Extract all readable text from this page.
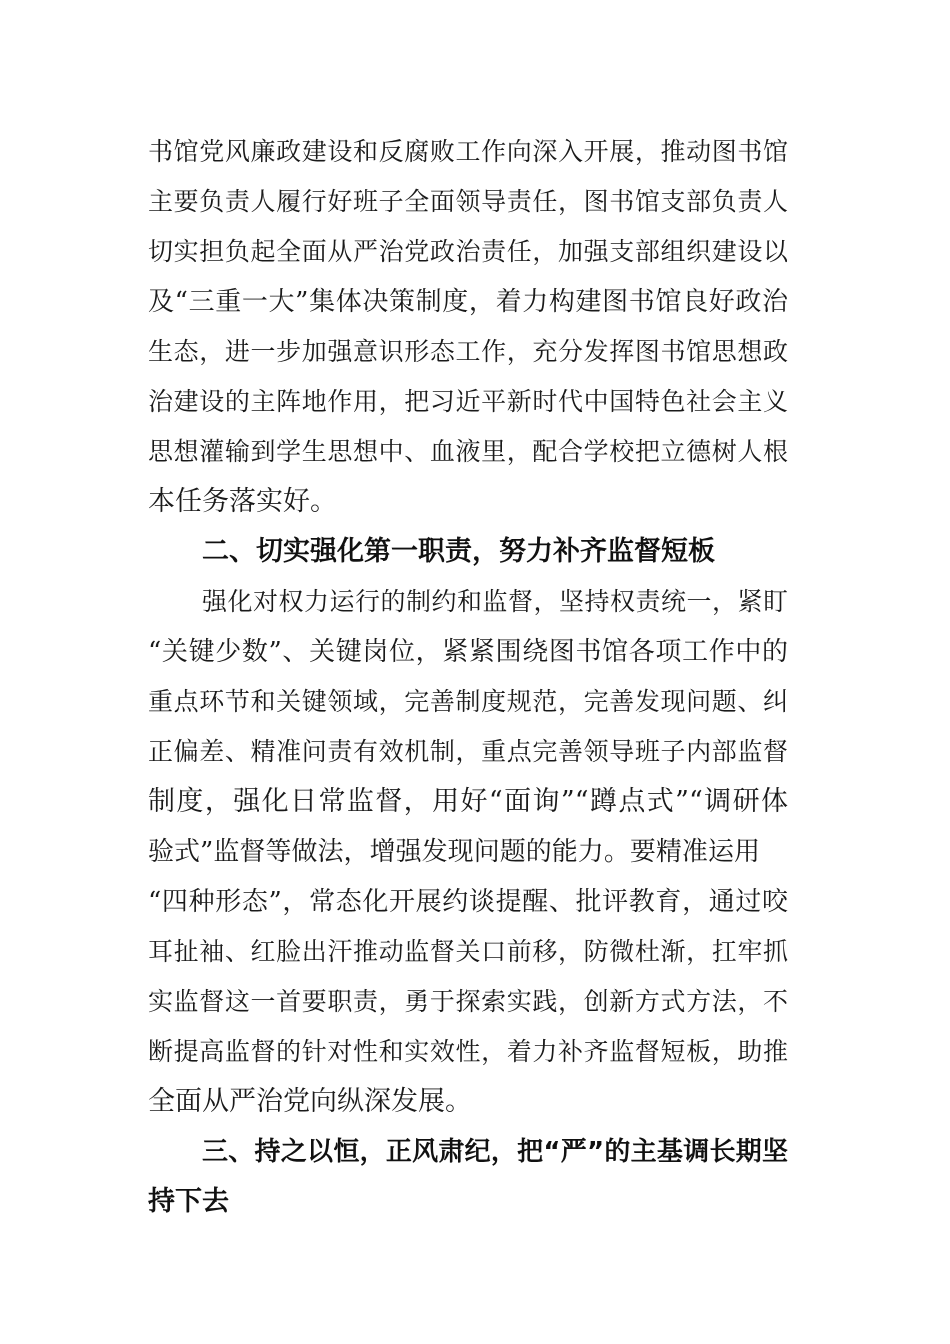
书馆党风廉政建设和反腐败工作向深入开展，推动图书馆
主要负责人履行好班子全面领导责任，图书馆支部负责人
切实担负起全面从严治党政治责任，加强支部组织建设以
及“三重一大”集体决策制度，着力构建图书馆良好政治
生态，进一步加强意识形态工作，充分发挥图书馆思想政
治建设的主阵地作用，把习近平新时代中国特色社会主义
思想灌输到学生思想中、血液里，配合学校把立德树人根
本任务落实好。
二、切实强化第一职责，努力补齐监督短板
强化对权力运行的制约和监督，坚持权责统一，紧盯
“关键少数”、关键岗位，紧紧围绕图书馆各项工作中的
重点环节和关键领域，完善制度规范，完善发现问题、纠
正偏差、精准问责有效机制，重点完善领导班子内部监督
制度，强化日常监督，用好“面询”“蹲点式”“调研体
验式”监督等做法，增强发现问题的能力。要精准运用
“四种形态”，常态化开展约谈提醒、批评教育，通过咬
耳扯袖、红脸出汗推动监督关口前移，防微杜渐，扛牢抓
实监督这一首要职责，勇于探索实践，创新方式方法，不
断提高监督的针对性和实效性，着力补齐监督短板，助推
全面从严治党向纵深发展。
三、持之以恒，正风肃纪，把“严”的主基调长期坚
持下去
